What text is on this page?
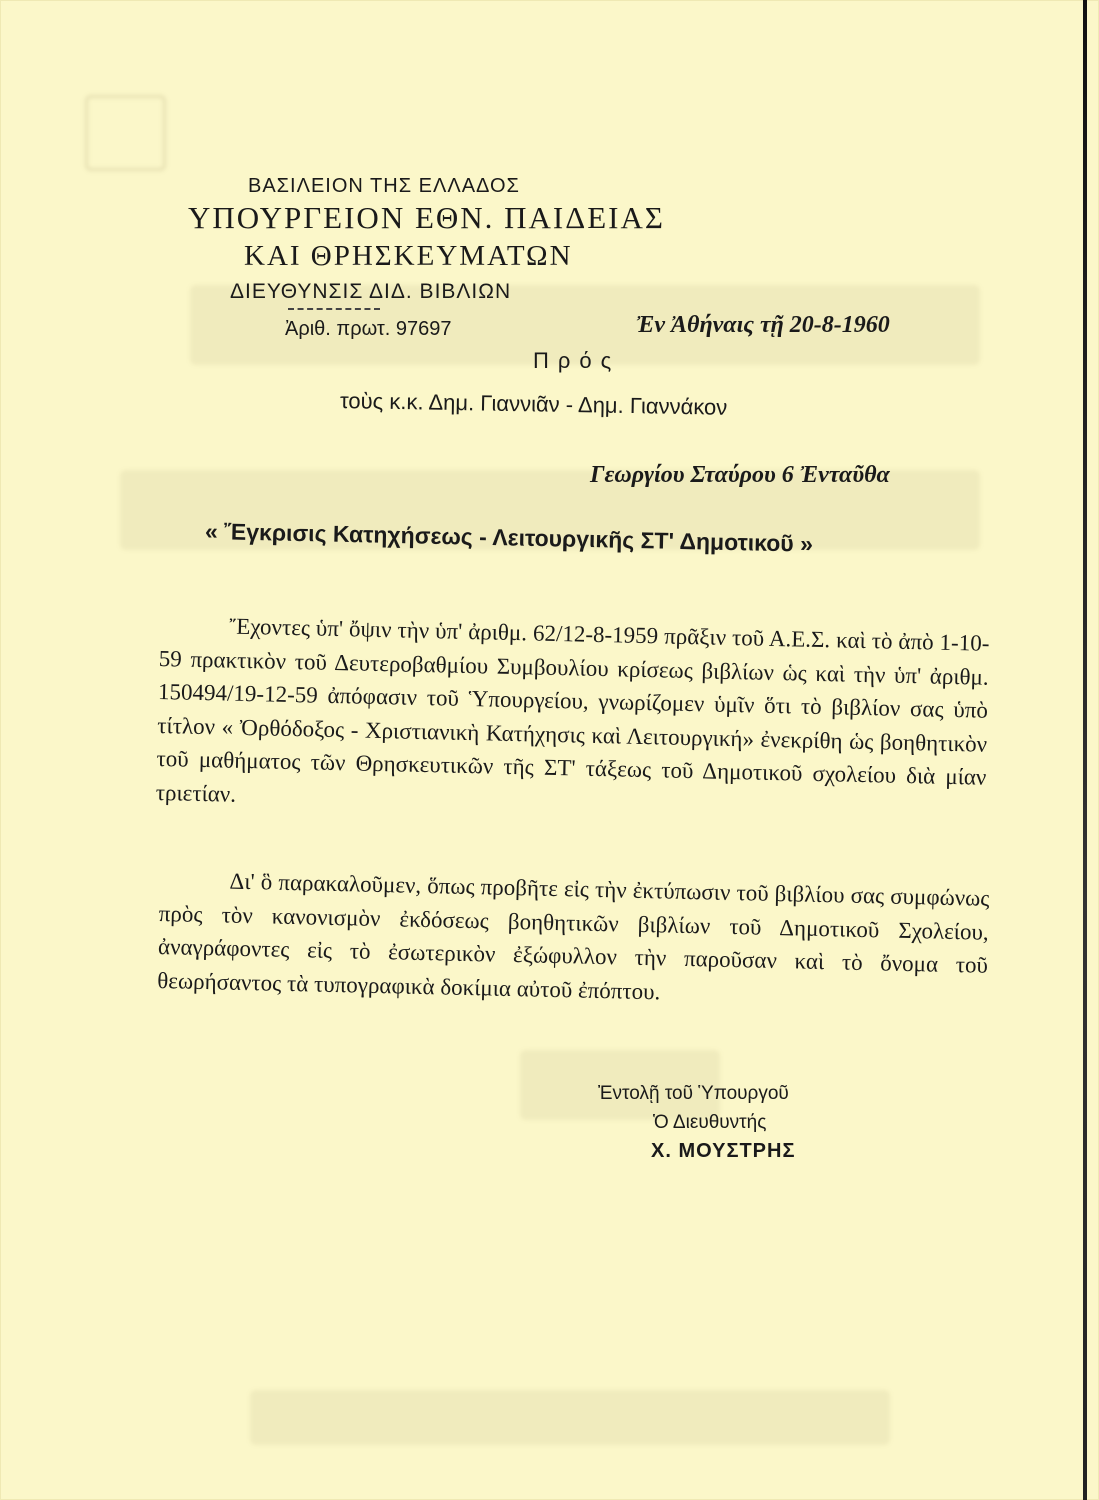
ΒΑΣΙΛΕΙΟΝ ΤΗΣ ΕΛΛΑΔΟΣ
ΥΠΟΥΡΓΕΙΟΝ ΕΘΝ. ΠΑΙΔΕΙΑΣ
ΚΑΙ ΘΡΗΣΚΕΥΜΑΤΩΝ
ΔΙΕΥΘΥΝΣΙΣ ΔΙΔ. ΒΙΒΛΙΩΝ
Ἀριθ. πρωτ. 97697	Ἐν Ἀθήναις τῇ 20-8-1960
Πρός
τοὺς κ.κ. Δημ. Γιαννιᾶν - Δημ. Γιαννάκον
Γεωργίου Σταύρου 6 Ἐνταῦθα
« Ἔγκρισις Κατηχήσεως - Λειτουργικῆς ΣΤ' Δημοτικοῦ »

Ἔχοντες ὑπ' ὄψιν τὴν ὑπ' ἀριθμ. 62/12-8-1959 πρᾶξιν τοῦ Α.Ε.Σ. καὶ τὸ ἀπὸ 1-10-59 πρακτικὸν τοῦ Δευτεροβαθμίου Συμβουλίου κρίσεως βιβλίων ὡς καὶ τὴν ὑπ' ἀριθμ. 150494/19-12-59 ἀπόφασιν τοῦ Ὑπουργείου, γνωρίζομεν ὑμῖν ὅτι τὸ βιβλίον σας ὑπὸ τίτλον « Ὀρθόδοξος - Χριστιανικὴ Κατήχησις καὶ Λειτουργική» ἐνεκρίθη ὡς βοηθητικὸν τοῦ μαθήματος τῶν Θρησκευτικῶν τῆς ΣΤ' τάξεως τοῦ Δημοτικοῦ σχολείου διὰ μίαν τριετίαν.

Δι' ὃ παρακαλοῦμεν, ὅπως προβῆτε εἰς τὴν ἐκτύπωσιν τοῦ βιβλίου σας συμφώνως πρὸς τὸν κανονισμὸν ἐκδόσεως βοηθητικῶν βιβλίων τοῦ Δημοτικοῦ Σχολείου, ἀναγράφοντες εἰς τὸ ἐσωτερικὸν ἐξώφυλλον τὴν παροῦσαν καὶ τὸ ὄνομα τοῦ θεωρήσαντος τὰ τυπογραφικὰ δοκίμια αὐτοῦ ἐπόπτου.

Ἐντολῇ τοῦ Ὑπουργοῦ
Ὁ Διευθυντής
Χ. ΜΟΥΣΤΡΗΣ
